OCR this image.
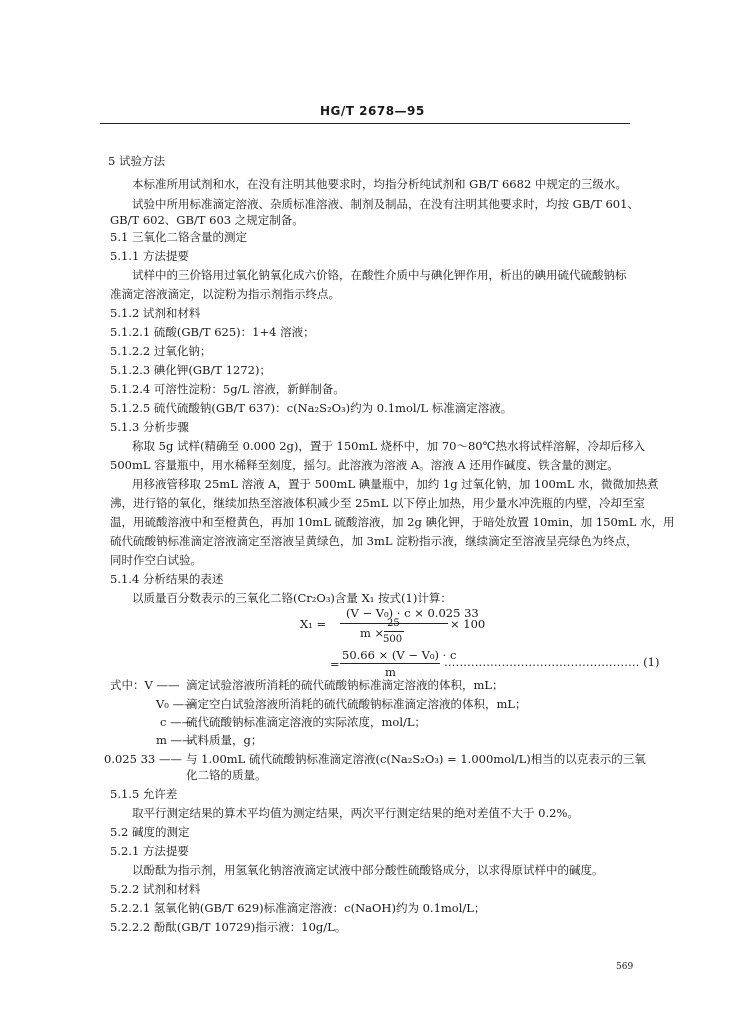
HG/T 2678—95
5 试验方法
本标准所用试剂和水，在没有注明其他要求时，均指分析纯试剂和 GB/T 6682 中规定的三级水。
试验中所用标准滴定溶液、杂质标准溶液、制剂及制品，在没有注明其他要求时，均按 GB/T 601、
GB/T 602、GB/T 603 之规定制备。
5.1 三氧化二铬含量的测定
5.1.1 方法提要
试样中的三价铬用过氧化钠氧化成六价铬，在酸性介质中与碘化钾作用，析出的碘用硫代硫酸钠标
准滴定溶液滴定，以淀粉为指示剂指示终点。
5.1.2 试剂和材料
5.1.2.1 硫酸(GB/T 625)：1+4 溶液；
5.1.2.2 过氧化钠；
5.1.2.3 碘化钾(GB/T 1272)；
5.1.2.4 可溶性淀粉：5g/L 溶液，新鲜制备。
5.1.2.5 硫代硫酸钠(GB/T 637)：c(Na₂S₂O₃)约为 0.1mol/L 标准滴定溶液。
5.1.3 分析步骤
称取 5g 试样(精确至 0.000 2g)，置于 150mL 烧杯中，加 70～80℃热水将试样溶解，冷却后移入
500mL 容量瓶中，用水稀释至刻度，摇匀。此溶液为溶液 A。溶液 A 还用作碱度、铁含量的测定。
用移液管移取 25mL 溶液 A，置于 500mL 碘量瓶中，加约 1g 过氧化钠，加 100mL 水，微微加热煮
沸，进行铬的氧化，继续加热至溶液体积减少至 25mL 以下停止加热，用少量水冲洗瓶的内壁，冷却至室
温，用硫酸溶液中和至橙黄色，再加 10mL 硫酸溶液，加 2g 碘化钾，于暗处放置 10min，加 150mL 水，用
硫代硫酸钠标准滴定溶液滴定至溶液呈黄绿色，加 3mL 淀粉指示液，继续滴定至溶液呈亮绿色为终点，
同时作空白试验。
5.1.4 分析结果的表述
以质量百分数表示的三氧化二铬(Cr₂O₃)含量 X₁ 按式(1)计算：
X₁ =
(V − V₀) · c × 0.025 33
m ×
25
500
× 100
=
50.66 × (V − V₀) · c
m
…………………………………………… (1)
式中：V —— 滴定试验溶液所消耗的硫代硫酸钠标准滴定溶液的体积，mL；
V₀ ——
滴定空白试验溶液所消耗的硫代硫酸钠标准滴定溶液的体积，mL；
c ——
硫代硫酸钠标准滴定溶液的实际浓度，mol/L；
m ——
试料质量，g；
0.025 33 —— 与 1.00mL 硫代硫酸钠标准滴定溶液(c(Na₂S₂O₃) = 1.000mol/L)相当的以克表示的三氧
化二铬的质量。
5.1.5 允许差
取平行测定结果的算术平均值为测定结果，两次平行测定结果的绝对差值不大于 0.2%。
5.2 碱度的测定
5.2.1 方法提要
以酚酞为指示剂，用氢氧化钠溶液滴定试液中部分酸性硫酸铬成分，以求得原试样中的碱度。
5.2.2 试剂和材料
5.2.2.1 氢氧化钠(GB/T 629)标准滴定溶液：c(NaOH)约为 0.1mol/L；
5.2.2.2 酚酞(GB/T 10729)指示液：10g/L。
569
